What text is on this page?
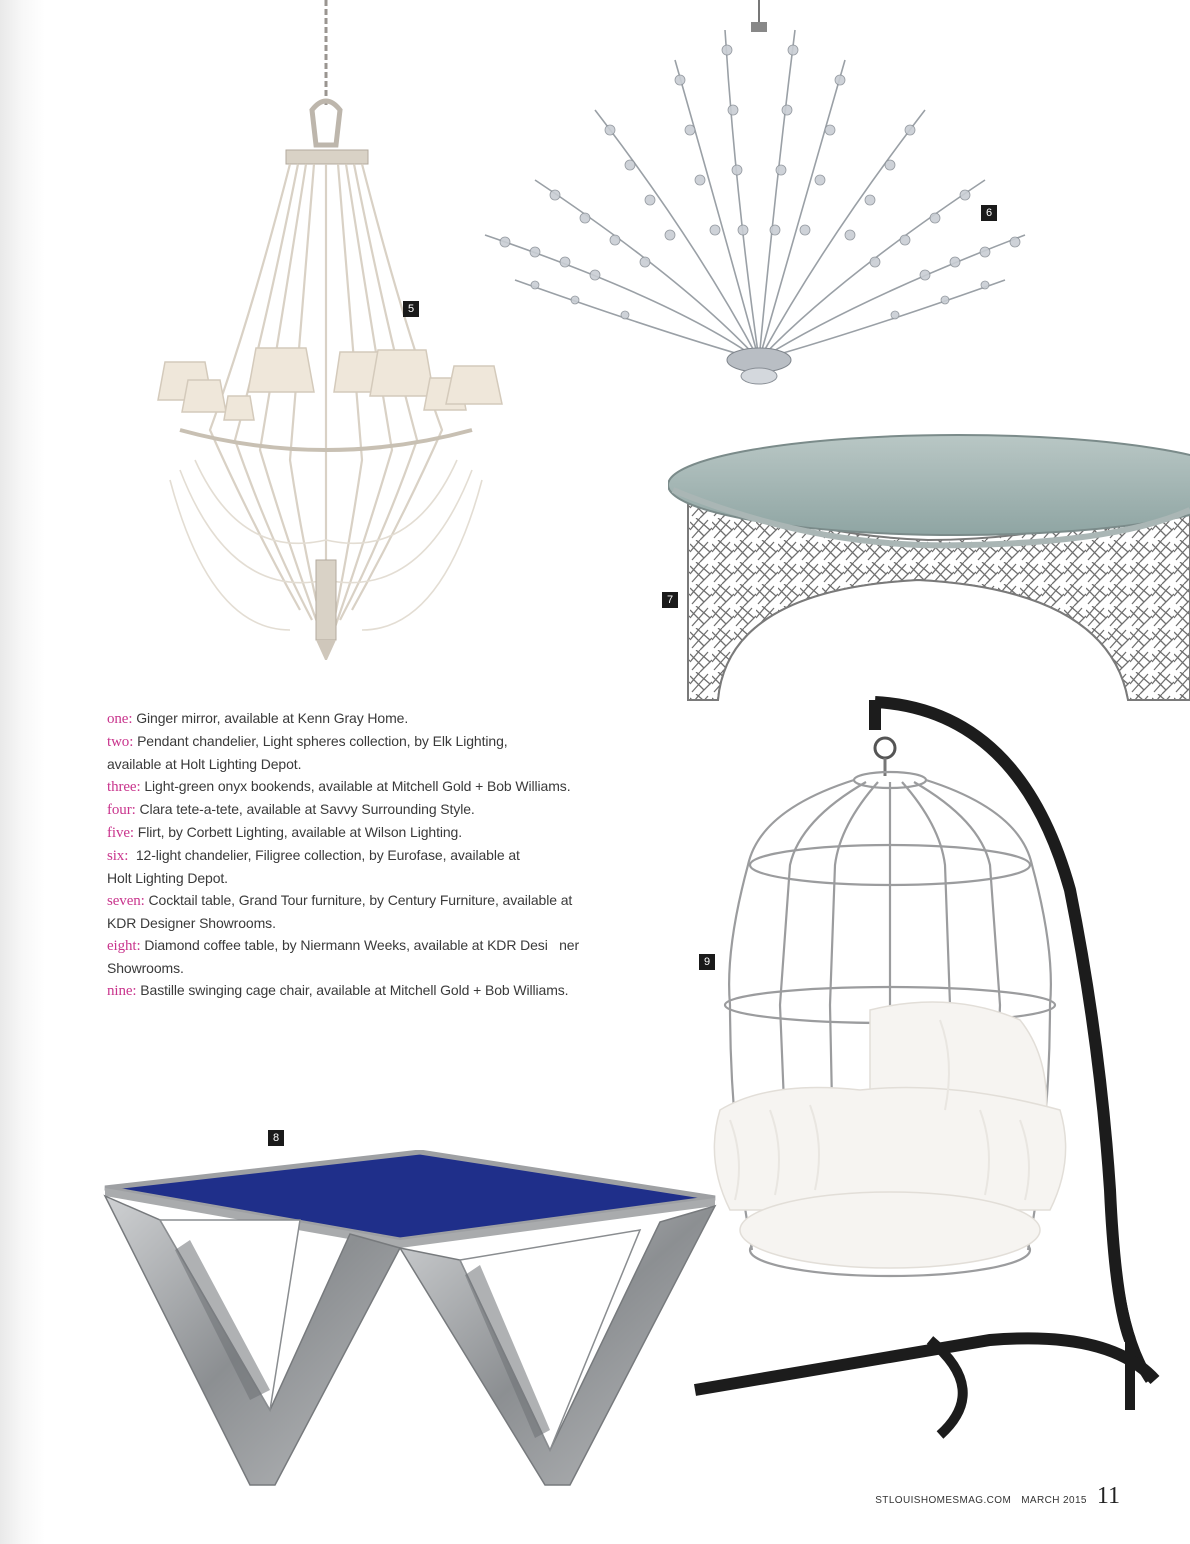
5
6
7

one: Ginger mirror, available at Kenn Gray Home.

two: Pendant chandelier, Light spheres collection, by Elk Lighting,
available at Holt Lighting Depot.

three: Light-green onyx bookends, available at Mitchell Gold + Bob Williams.

four: Clara tete-a-tete, available at Savvy Surrounding Style.

five: Flirt, by Corbett Lighting, available at Wilson Lighting.

six:  12-light chandelier, Filigree collection, by Eurofase, available at
Holt Lighting Depot.

seven: Cocktail table, Grand Tour furniture, by Century Furniture, available at
KDR Designer Showrooms.

eight: Diamond coffee table, by Niermann Weeks, available at KDR Desi   ner
Showrooms.

nine: Bastille swinging cage chair, available at Mitchell Gold + Bob Williams.

9
8
STLOUISHOMESMAG.COM MARCH 2015 11
